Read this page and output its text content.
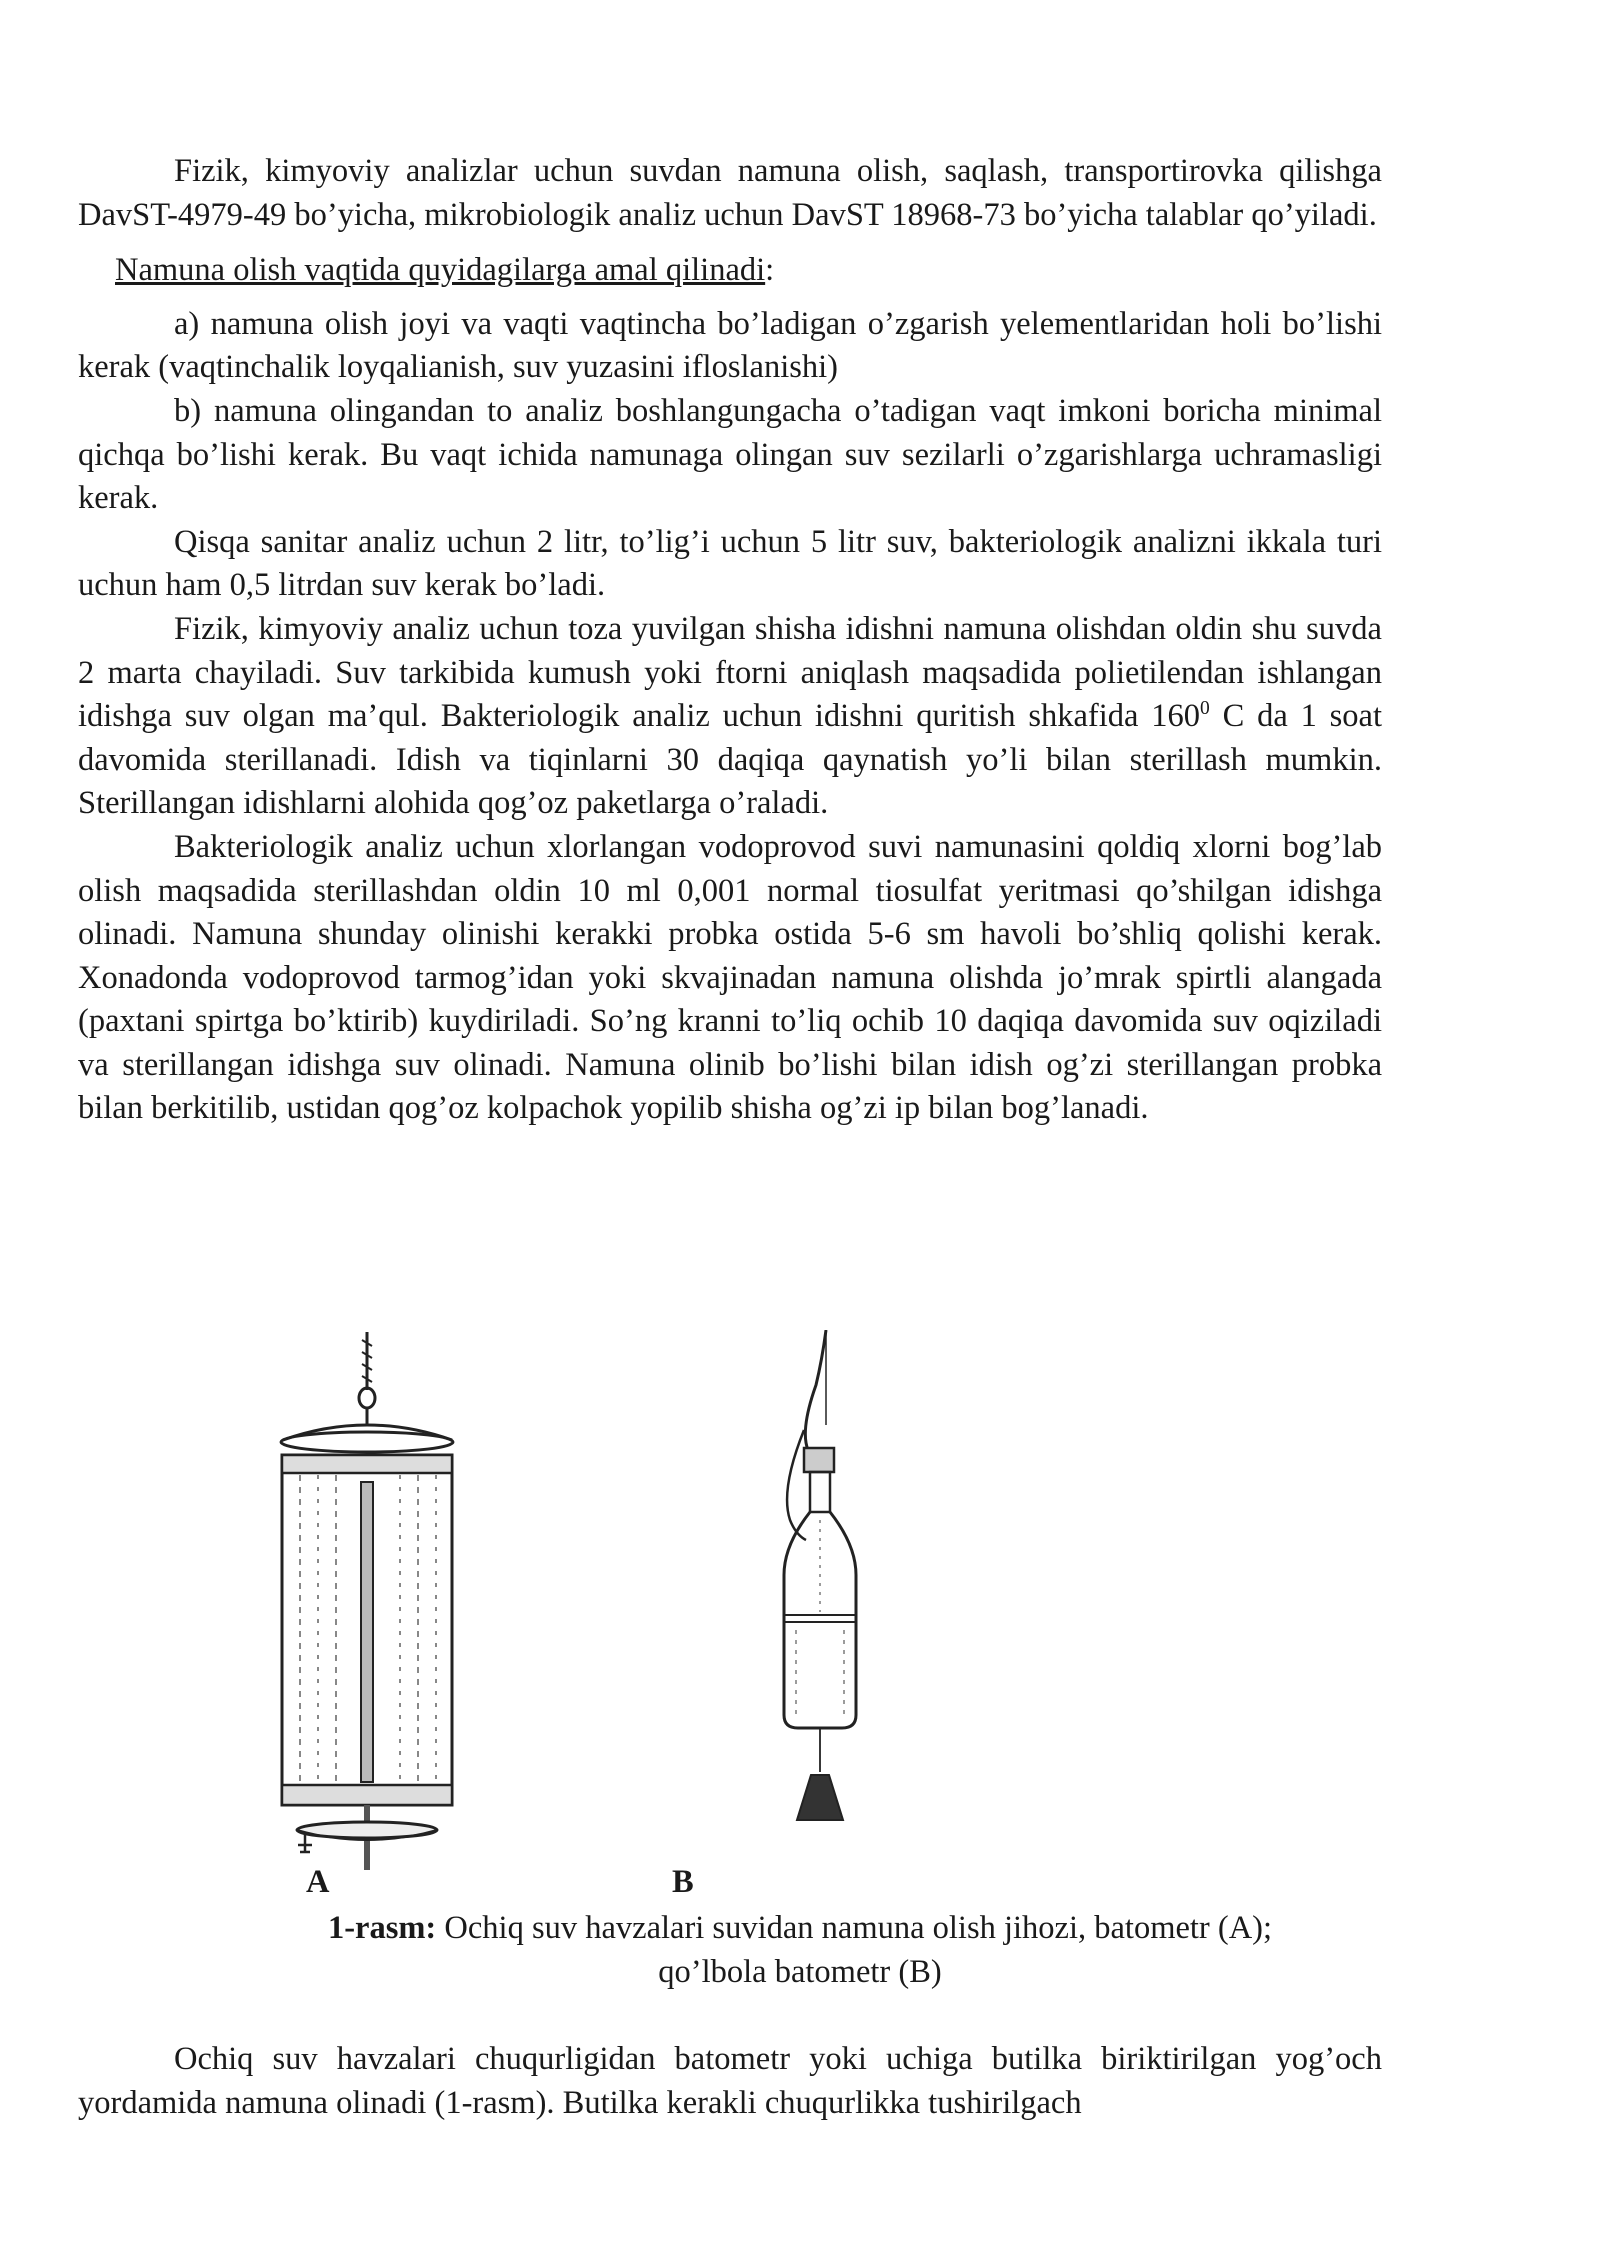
Fizik, kimyoviy analizlar uchun suvdan namuna olish, saqlash, transportirovka qilishga DavST-4979-49 bo’yicha, mikrobiologik analiz uchun DavST 18968-73 bo’yicha talablar qo’yiladi.

Namuna olish vaqtida quyidagilarga amal qilinadi:

a) namuna olish joyi va vaqti vaqtincha bo’ladigan o’zgarish yelementlaridan holi bo’lishi kerak (vaqtinchalik loyqalianish, suv yuzasini ifloslanishi)

b) namuna olingandan to analiz boshlangungacha o’tadigan vaqt imkoni boricha minimal qichqa bo’lishi kerak. Bu vaqt ichida namunaga olingan suv sezilarli o’zgarishlarga uchramasligi kerak.

Qisqa sanitar analiz uchun 2 litr, to’lig’i uchun 5 litr suv, bakteriologik analizni ikkala turi uchun ham 0,5 litrdan suv kerak bo’ladi.

Fizik, kimyoviy analiz uchun toza yuvilgan shisha idishni namuna olishdan oldin shu suvda 2 marta chayiladi. Suv tarkibida kumush yoki ftorni aniqlash maqsadida polietilendan ishlangan idishga suv olgan ma’qul. Bakteriologik analiz uchun idishni quritish shkafida $160^0$ C da 1 soat davomida sterillanadi. Idish va tiqinlarni 30 daqiqa qaynatish yo’li bilan sterillash mumkin. Sterillangan idishlarni alohida qog’oz paketlarga o’raladi.

Bakteriologik analiz uchun xlorlangan vodoprovod suvi namunasini qoldiq xlorni bog’lab olish maqsadida sterillashdan oldin 10 ml 0,001 normal tiosulfat yeritmasi qo’shilgan idishga olinadi. Namuna shunday olinishi kerakki probka ostida 5-6 sm havoli bo’shliq qolishi kerak. Xonadonda vodoprovod tarmog’idan yoki skvajinadan namuna olishda jo’mrak spirtli alangada (paxtani spirtga bo’ktirib) kuydiriladi. So’ng kranni to’liq ochib 10 daqiqa davomida suv oqiziladi va sterillangan idishga suv olinadi. Namuna olinib bo’lishi bilan idish og’zi sterillangan probka bilan berkitilib, ustidan qog’oz kolpachok yopilib shisha og’zi ip bilan bog’lanadi.

A	B
1-rasm: Ochiq suv havzalari suvidan namuna olish jihozi, batometr (A);
qo’lbola batometr (B)

Ochiq suv havzalari chuqurligidan batometr yoki uchiga butilka biriktirilgan yog’och yordamida namuna olinadi (1-rasm). Butilka kerakli chuqurlikka tushirilgach
